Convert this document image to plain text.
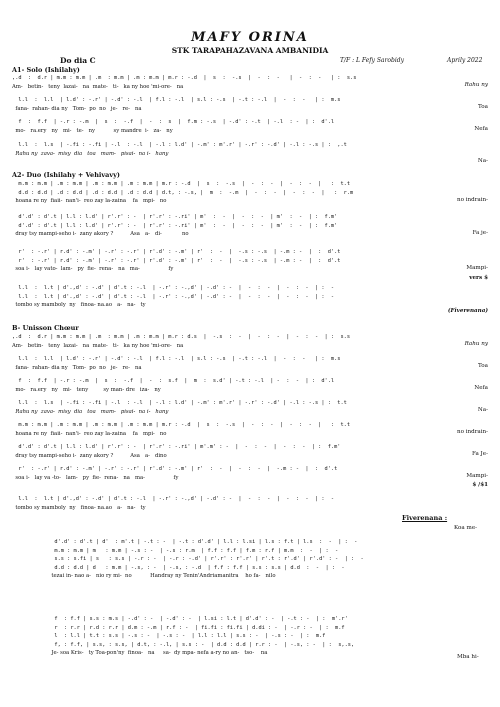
MAFY ORINA
STK TARAPAHAZAVANA AMBANIDIA
Do dia C	T/F : L Fefy Sarobidy	Aprily 2022
A1- Solo (Ishilahy)
,.d  :  d.r | m.m : m.m | .m  : m.m | .m : m.m | m.r : -.d  |  s  :  -.s  |  -  :  -   |  -  :  -   | :  s.s
Am-   betin-   teny  lazai-   na  mate-   ti-   ka ny hoe 'mi-ore-   na	Rahu ny
l.l  :  l.l  | l.d' : -.r' | -.d' : -.l  | f.l : -.l  | s.l : -.s  | -.t : -.l  |  -  :  -   | :  m.s
fana-  rahan- dia ny   Tom-  po  no   je-   re-   na	Toa
f  :  f.f  | -.r : -.m  |  s  :  -.f  |  -  :  s  |  f.m : -.s  | -.d' : -.t  | -.l  : -  | :  d'.l
mo-   ra.ery   ny   mi-   te-   ny           sy mandre  i-   za-   ny	Nefa
l.l  :  l.s  | -.fi : -.fi | -.l  : -.l  | -.l : l.d' | -.m' : m'.r' | -.r' : -.d' | -.l : -.s | :  ,.t
Rahu ny  zava-  misy  dia   toa   mam-   pisai-  na i-   hany
Na-
A2- Duo (Ishilahy + Vehivavy)
m.m : m.m | .m : m.m | .m : m.m | .m : m.m | m.r : -.d  |  s  :  -.s  |  -  :  -  |  -  :  -  |   :  t.t
d.d : d.d | .d : d.d | .d : d.d | .d : d.d | d.t, : -.s, |  m  :  -.m  |  -  :  -  |  -  :  -  |   :  r.m
hoana re ny  fiaii-  nan'i-  reo zay la-zaina    fa   mpi-   no	no indrain-
d'.d' : d'.t | l.l : l.d' | r'.r' : -  | r'.r' : -.ri' | m'  :  -  |  -  :  -  | m'  :  -  | :  f.m'
d'.d' : d'.t | l.l : l.d' | r'.r' : -  | r'.r' : -.ri' | m'  :  -  |  -  :  -  | m'  :  -  | :  f.m'
dray tsy mampi-seho i-  zany akory ?          Asa   a-   di-            no	Fa je-
r'  : -.r' | r.d' : -.m' | -.r' : -.r' | r'.d' : -.m' | r'  :  -  |  -.s : -.s  | -.m : -  |  :  d'.t
r'  : -.r' | r.d' : -.m' | -.r' : -.r' | r'.d' : -.m' | r'  :  -  |  -.s : -.s  | -.m : -  |  :  d'.t
soa i-   lay vato-  lam-   py  fie-  rena-   na   ma-                 fy	Mampi-
vers $
l.l  :  l.t | d'.,d' : -.d' | d'.t : -.l  | -.r' : -.,d' | -.d' : -  |  -  :  -  |  -  :  -  | :  -
l.l  :  l.t | d'.,d' : -.d' | d'.t : -.l  | -.r' : -.,d' | -.d' : -  |  -  :  -  |  -  :  -  | :  -
tombo sy mamboly  ny   finoa- na.ao   a-   na-   ty
(Fiverenana)
B- Unisson Chœur
,.d  :  d.r | m.m : m.m | .m  : m.m | .m : m.m | m.r : d.s  |  -.s  :  -  |  -  :  -  |  -  :  -  | :  s.s
Am-   betin-   teny  lazai-   na  mate-   ti-   ka ny hoe 'mi-ore-   na	Rahu ny
l.l  :  l.l  | l.d' : -.r' | -.d' : -.l  | f.l : -.l  | s.l : -.s  | -.t : -.l  |  -  :  -   | :  m.s
fana-  rahan- dia ny   Tom-  po  no   je-   re-   na	Toa
f  :  f.f  | -.r : -.m  |  s  :  -.f  |  -  :  s.f  |  m  :  s.d' | -.t : -.l  | -  :  -  | :  d'.l
mo-   ra.ery   ny   mi-   teny         sy man- dre   iza-   ny	Nefa
l.l  :  l.s  | -.fi : -.fi | -.l  : -.l  | -.l : l.d' | -.m' : m'.r' | -.r' : -.d' | -.l : -.s | :  t.t
Rahu ny  zava-  misy  dia   toa   mam-   pisai-  na i-   hany	Na-
m.m : m.m | .m : m.m | .m : m.m | .m : m.m | m.r : -.d  |  s  :  -.s  |  -  :  -  |  -  :  -  |   :  t.t
hoana re ny  fiaii-  nan'i-  reo zay la-zaina    fa   mpi-   no	no indrain-
d'.d' : d'.t | l.l : l.d' | r'.r' : -  | r'.r' : -.ri' | m'.m' : -  |  -  :  -  |  -  :  -  | :  f.m'
dray tsy mampi-seho i-  zany akory ?          Asa   a-   dino	Fa Je-
r'  : -.r' | r.d' : -.m' | -.r' : -.r' | r'.d' : -.m' | r'  :  -  |  -  :  -  |  -.m : -  |  :  d'.t
soa i-   lay va -to-   lam-   py  fie-  rena-   na   ma-                 fy	Mampi-
$ /$1
l.l  :  l.t | d'.,d' : -.d' | d'.t : -.l  | -.r' : -.,d' | -.d' : -  |  -  :  -  |  -  :  -  | :  -
tombo sy mamboly  ny   finoa- na.ao   a-   na-   ty
Fiverenana :
Koa me-
d'.d' : d'.t | d'  : m'.t | -.t : -  | -.t : d'.d' | l.l : l.si | l.s : f.t | l.s  :  -  | :  -
m.m : m.m | m   : m.m | -.s : -  | -.s : r.m  | f.f : f.f | f.m : r.f | m.m  :  -  | :  -
s.s : s.fi | s   : s.s | -.r : -  | -.r : -.d' | r'.r' : r'.r' | r'.t : r'.d' | r'.d' : -  | :  -
d.d : d.d | d   : m.m | -.s, : -  | -.s, : -.d  | f.f : f.f | s.s : s.s | d.d  :  -  | :  -
tezai in- nao a-   nio ry mi-  no           Handray ny Tenin'Andriamanitra    ho fa-   nilo
f  : f.f | s.s : m.s | -.d' : -  | -.d' : -  | l.si : l.t | d'.d' : -  | -.t : -  | :  m'.r'
r  : r.r | r.d : r.r | d.m : -.m | r.f : -  | fi.fi : fi.fi | d.di : -  | -.r : -  | :  m.f
l  : l.l | t.t : s.s | -.s : -  | -.s : -  | l.l : l.l | s.s : -  | -.s : -  | :  m.f
f, : f.f, | s.s, : s.s, | d.t, : -.l, | s.s : -  | d.d : d.d | r.r : -  | -.s, : -  | :  s,.s,
Je- soa Kris-   ty Toa-pon'ny  finoa-   na     sa-  dy mpa- nefa a-ry no an-   tso-    na
Mba hi-
